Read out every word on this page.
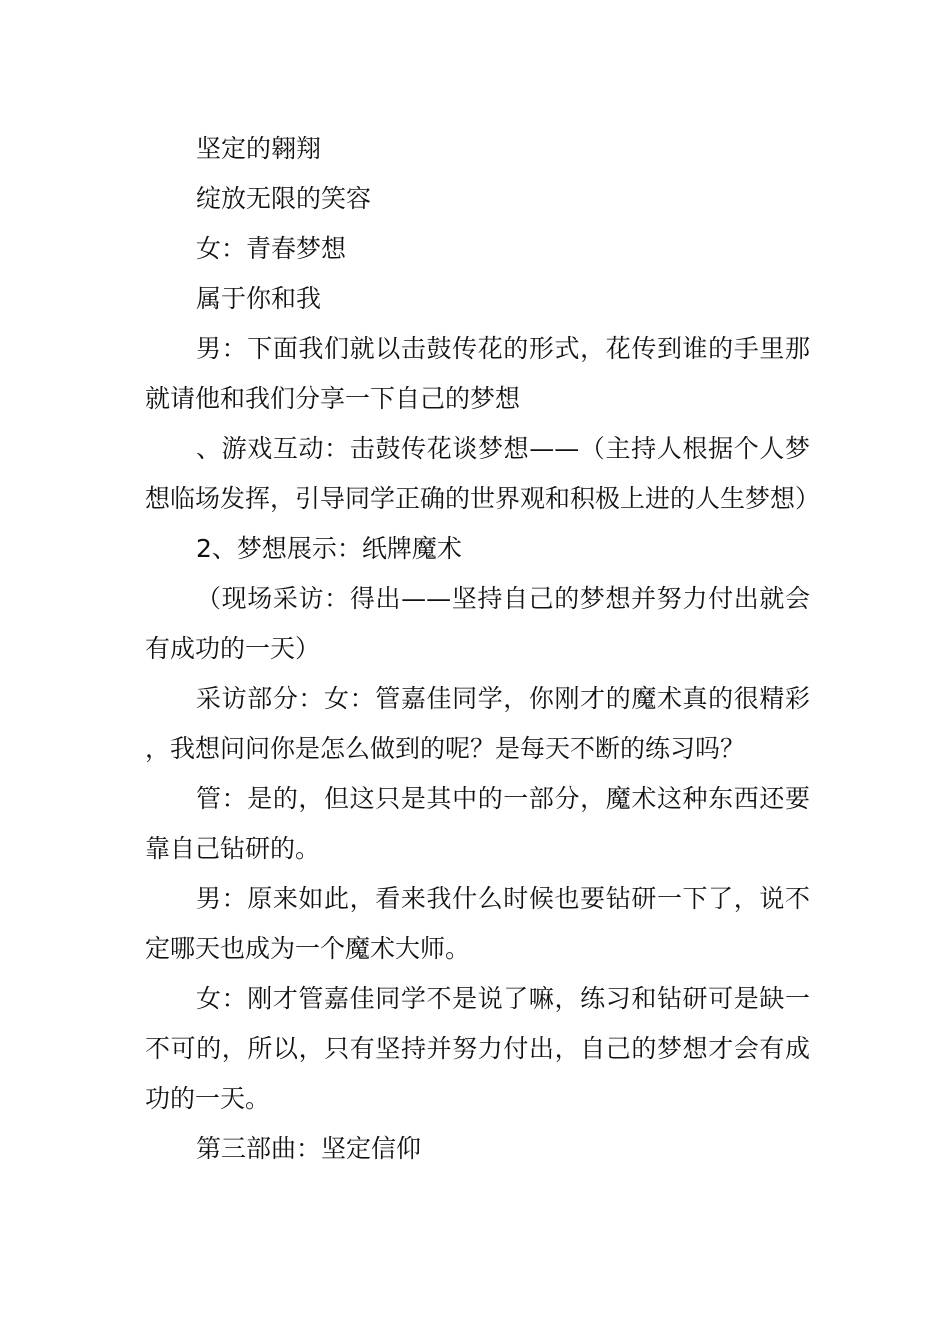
坚定的翱翔

绽放无限的笑容

女：青春梦想

属于你和我

男：下面我们就以击鼓传花的形式，花传到谁的手里那就请他和我们分享一下自己的梦想

、游戏互动：击鼓传花谈梦想——（主持人根据个人梦想临场发挥，引导同学正确的世界观和积极上进的人生梦想）

2、梦想展示：纸牌魔术

（现场采访：得出——坚持自己的梦想并努力付出就会有成功的一天）

采访部分：女：管嘉佳同学，你刚才的魔术真的很精彩，我想问问你是怎么做到的呢？是每天不断的练习吗？

管：是的，但这只是其中的一部分，魔术这种东西还要靠自己钻研的。

男：原来如此，看来我什么时候也要钻研一下了，说不定哪天也成为一个魔术大师。

女：刚才管嘉佳同学不是说了嘛，练习和钻研可是缺一不可的，所以，只有坚持并努力付出，自己的梦想才会有成功的一天。

第三部曲：坚定信仰
